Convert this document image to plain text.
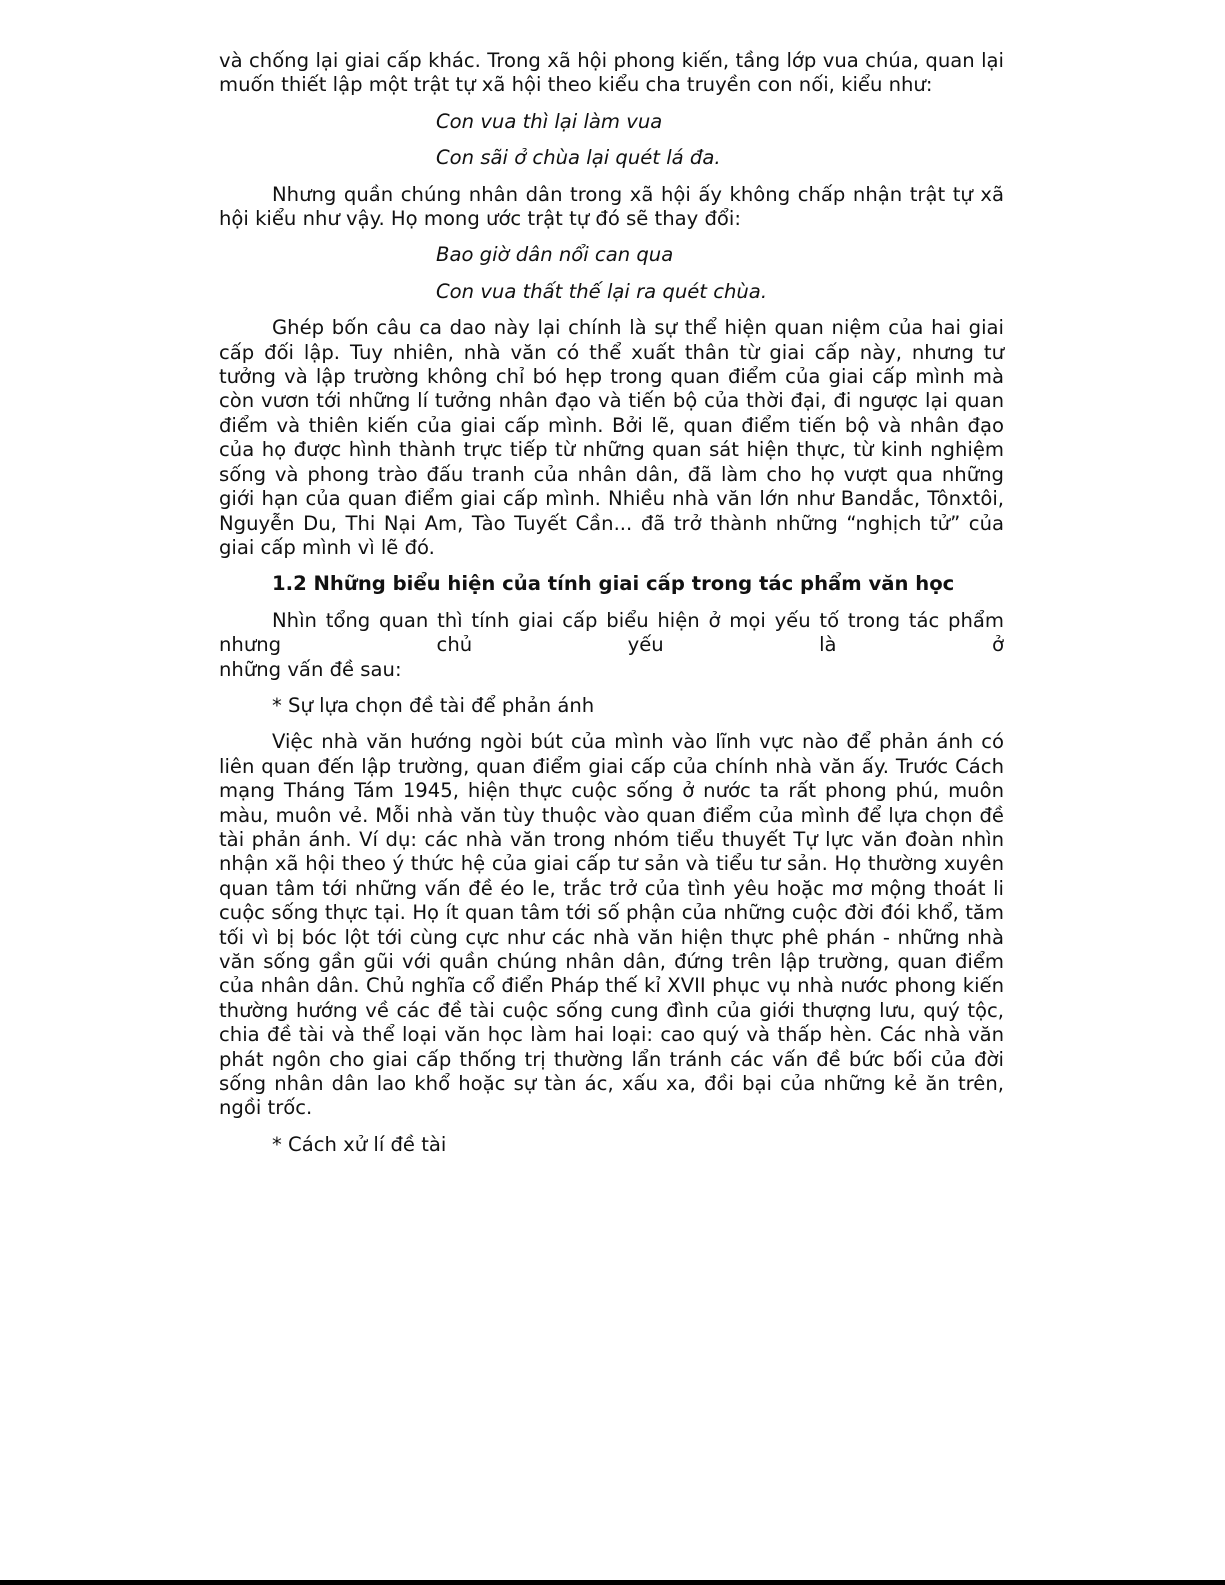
và chống lại giai cấp khác. Trong xã hội phong kiến, tầng lớp vua chúa, quan lại muốn thiết lập một trật tự xã hội theo kiểu cha truyền con nối, kiểu như:

Con vua thì lại làm vua

Con sãi ở chùa lại quét lá đa.

Nhưng quần chúng nhân dân trong xã hội ấy không chấp nhận trật tự xã hội kiểu như vậy. Họ mong ước trật tự đó sẽ thay đổi:

Bao giờ dân nổi can qua

Con vua thất thế lại ra quét chùa.

Ghép bốn câu ca dao này lại chính là sự thể hiện quan niệm của hai giai cấp đối lập. Tuy nhiên, nhà văn có thể xuất thân từ giai cấp này, nhưng tư tưởng và lập trường không chỉ bó hẹp trong quan điểm của giai cấp mình mà còn vươn tới những lí tưởng nhân đạo và tiến bộ của thời đại, đi ngược lại quan điểm và thiên kiến của giai cấp mình. Bởi lẽ, quan điểm tiến bộ và nhân đạo của họ được hình thành trực tiếp từ những quan sát hiện thực, từ kinh nghiệm sống và phong trào đấu tranh của nhân dân, đã làm cho họ vượt qua những giới hạn của quan điểm giai cấp mình. Nhiều nhà văn lớn như Bandắc, Tônxtôi, Nguyễn Du, Thi Nại Am, Tào Tuyết Cần... đã trở thành những “nghịch tử” của giai cấp mình vì lẽ đó.

1.2 Những biểu hiện của tính giai cấp trong tác phẩm văn học

Nhìn tổng quan thì tính giai cấp biểu hiện ở mọi yếu tố trong tác phẩm nhưng chủ yếu là ở

những vấn đề sau:

* Sự lựa chọn đề tài để phản ánh

Việc nhà văn hướng ngòi bút của mình vào lĩnh vực nào để phản ánh có liên quan đến lập trường, quan điểm giai cấp của chính nhà văn ấy. Trước Cách mạng Tháng Tám 1945, hiện thực cuộc sống ở nước ta rất phong phú, muôn màu, muôn vẻ. Mỗi nhà văn tùy thuộc vào quan điểm của mình để lựa chọn đề tài phản ánh. Ví dụ: các nhà văn trong nhóm tiểu thuyết Tự lực văn đoàn nhìn nhận xã hội theo ý thức hệ của giai cấp tư sản và tiểu tư sản. Họ thường xuyên quan tâm tới những vấn đề éo le, trắc trở của tình yêu hoặc mơ mộng thoát li cuộc sống thực tại. Họ ít quan tâm tới số phận của những cuộc đời đói khổ, tăm tối vì bị bóc lột tới cùng cực như các nhà văn hiện thực phê phán - những nhà văn sống gần gũi với quần chúng nhân dân, đứng trên lập trường, quan điểm của nhân dân. Chủ nghĩa cổ điển Pháp thế kỉ XVII phục vụ nhà nước phong kiến thường hướng về các đề tài cuộc sống cung đình của giới thượng lưu, quý tộc, chia đề tài và thể loại văn học làm hai loại: cao quý và thấp hèn. Các nhà văn phát ngôn cho giai cấp thống trị thường lẩn tránh các vấn đề bức bối của đời sống nhân dân lao khổ hoặc sự tàn ác, xấu xa, đồi bại của những kẻ ăn trên, ngồi trốc.

* Cách xử lí đề tài
